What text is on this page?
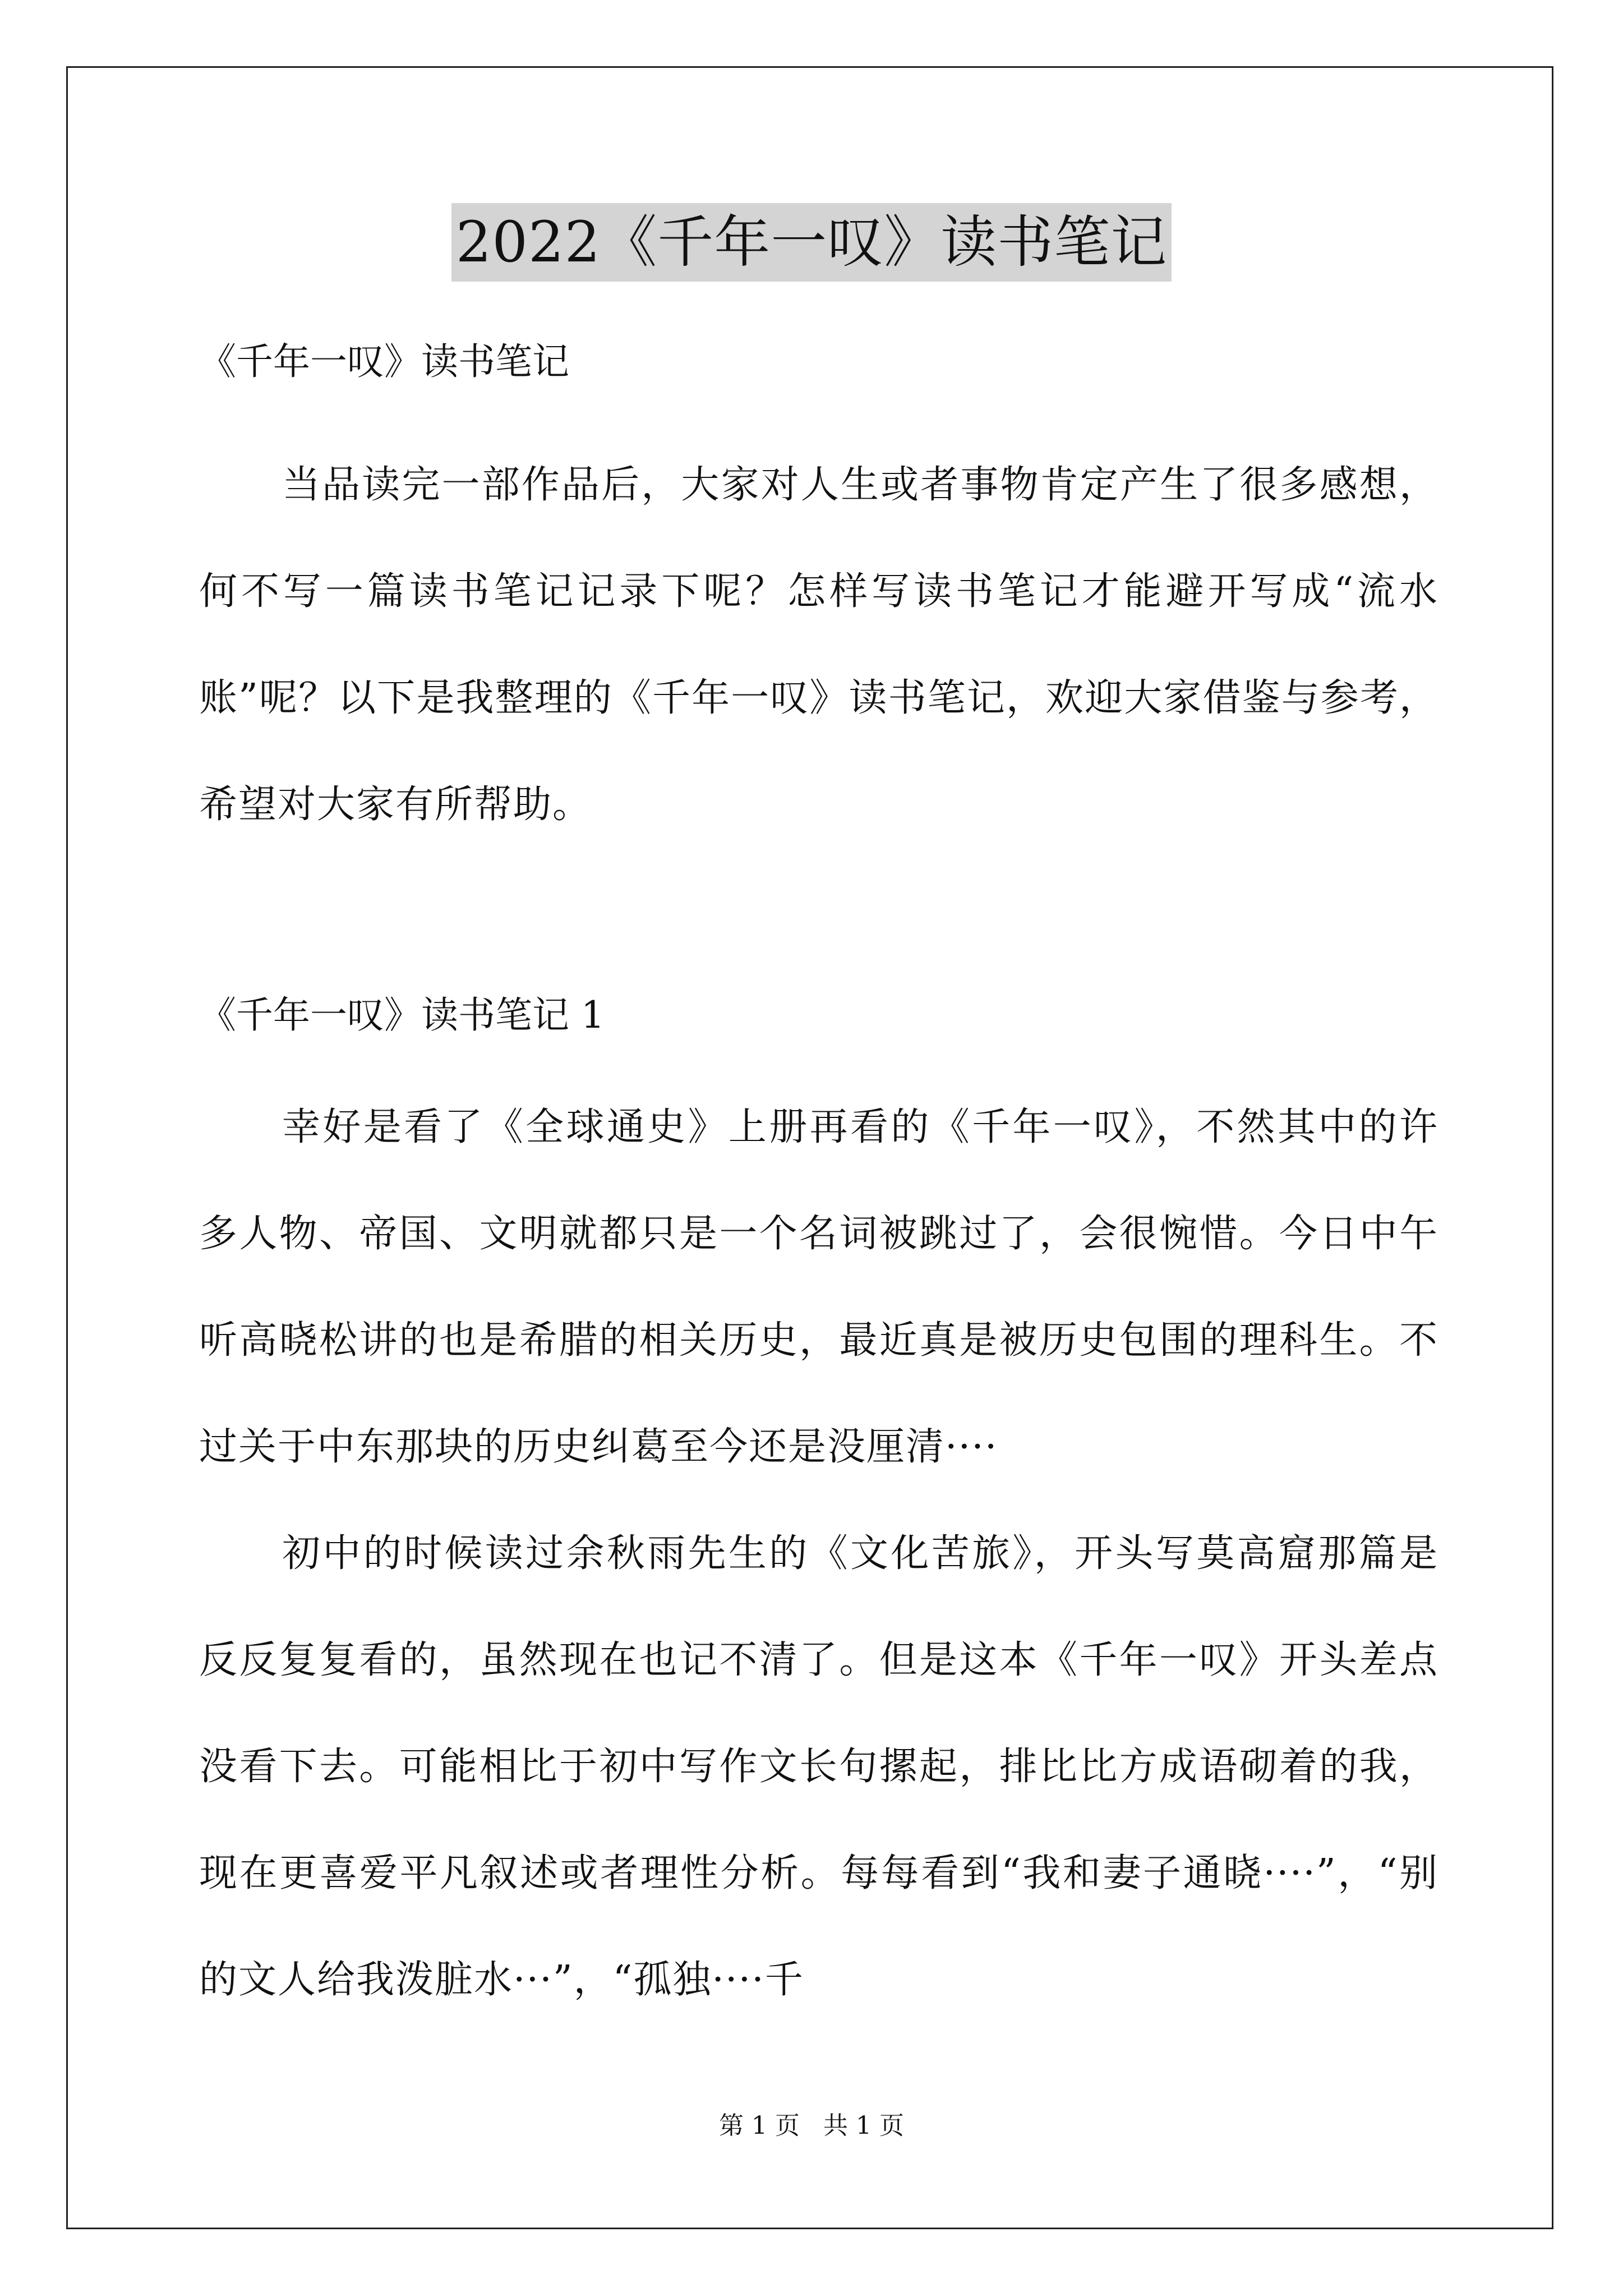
2022《千年一叹》读书笔记
《千年一叹》读书笔记

当品读完一部作品后，大家对人生或者事物肯定产生了很多感想，何不写一篇读书笔记记录下呢？怎样写读书笔记才能避开写成“流水账”呢？以下是我整理的《千年一叹》读书笔记，欢迎大家借鉴与参考，希望对大家有所帮助。

《千年一叹》读书笔记 1

幸好是看了《全球通史》上册再看的《千年一叹》，不然其中的许多人物、帝国、文明就都只是一个名词被跳过了，会很惋惜。今日中午听高晓松讲的也是希腊的相关历史，最近真是被历史包围的理科生。不过关于中东那块的历史纠葛至今还是没厘清····

初中的时候读过余秋雨先生的《文化苦旅》，开头写莫高窟那篇是反反复复看的，虽然现在也记不清了。但是这本《千年一叹》开头差点没看下去。可能相比于初中写作文长句摞起，排比比方成语砌着的我，现在更喜爱平凡叙述或者理性分析。每每看到“我和妻子通晓····”，“别的文人给我泼脏水···”，“孤独····千

第 1 页 共 1 页
